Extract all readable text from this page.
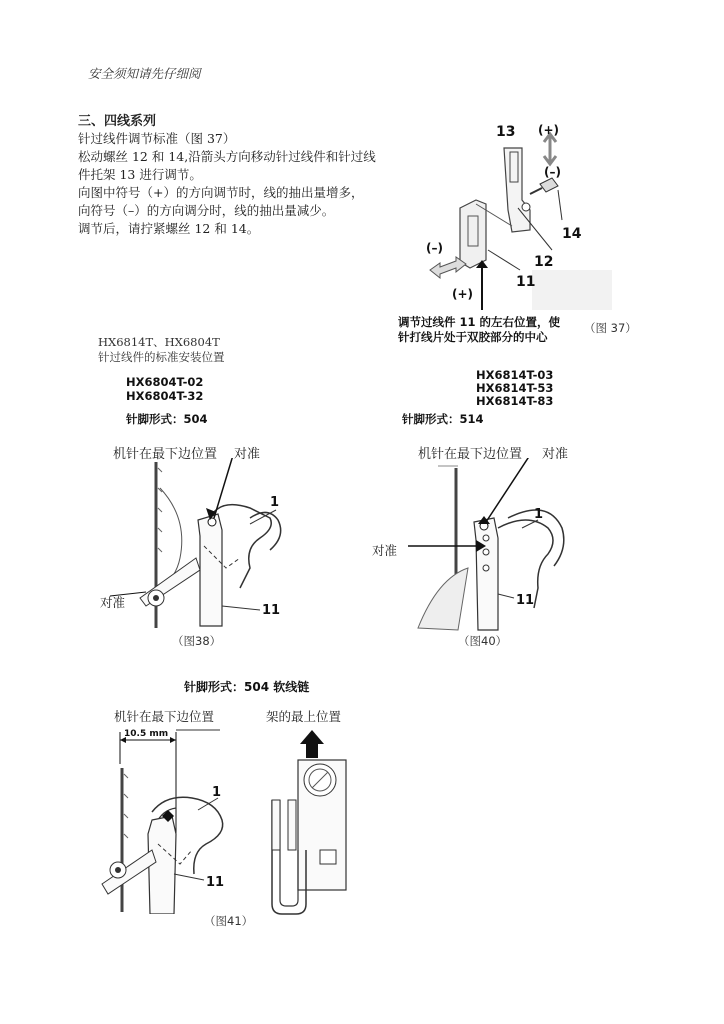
安全须知请先仔细阅
三、四线系列
针过线件调节标准（图 37）
松动螺丝 12 和 14,沿箭头方向移动针过线件和针过线
件托架 13 进行调节。
向图中符号（+）的方向调节时，线的抽出量增多，
向符号（–）的方向调分时，线的抽出量减少。
调节后，请拧紧螺丝 12 和 14。
13 (+)
(–)
14
12
11
(–)
(+)
调节过线件 11 的左右位置，使
针打线片处于双胶部分的中心
（图 37）
HX6814T、HX6804T
针过线件的标准安装位置
HX6804T-02
HX6804T-32
针脚形式：504
HX6814T-03
HX6814T-53
HX6814T-83
针脚形式：514
机针在最下边位置 对准
1
11
对准
（图38）
机针在最下边位置 对准
1
11
对准
（图40）
针脚形式：504 软线链
机针在最下边位置	架的最上位置
10.5 mm
1
11
（图41）
